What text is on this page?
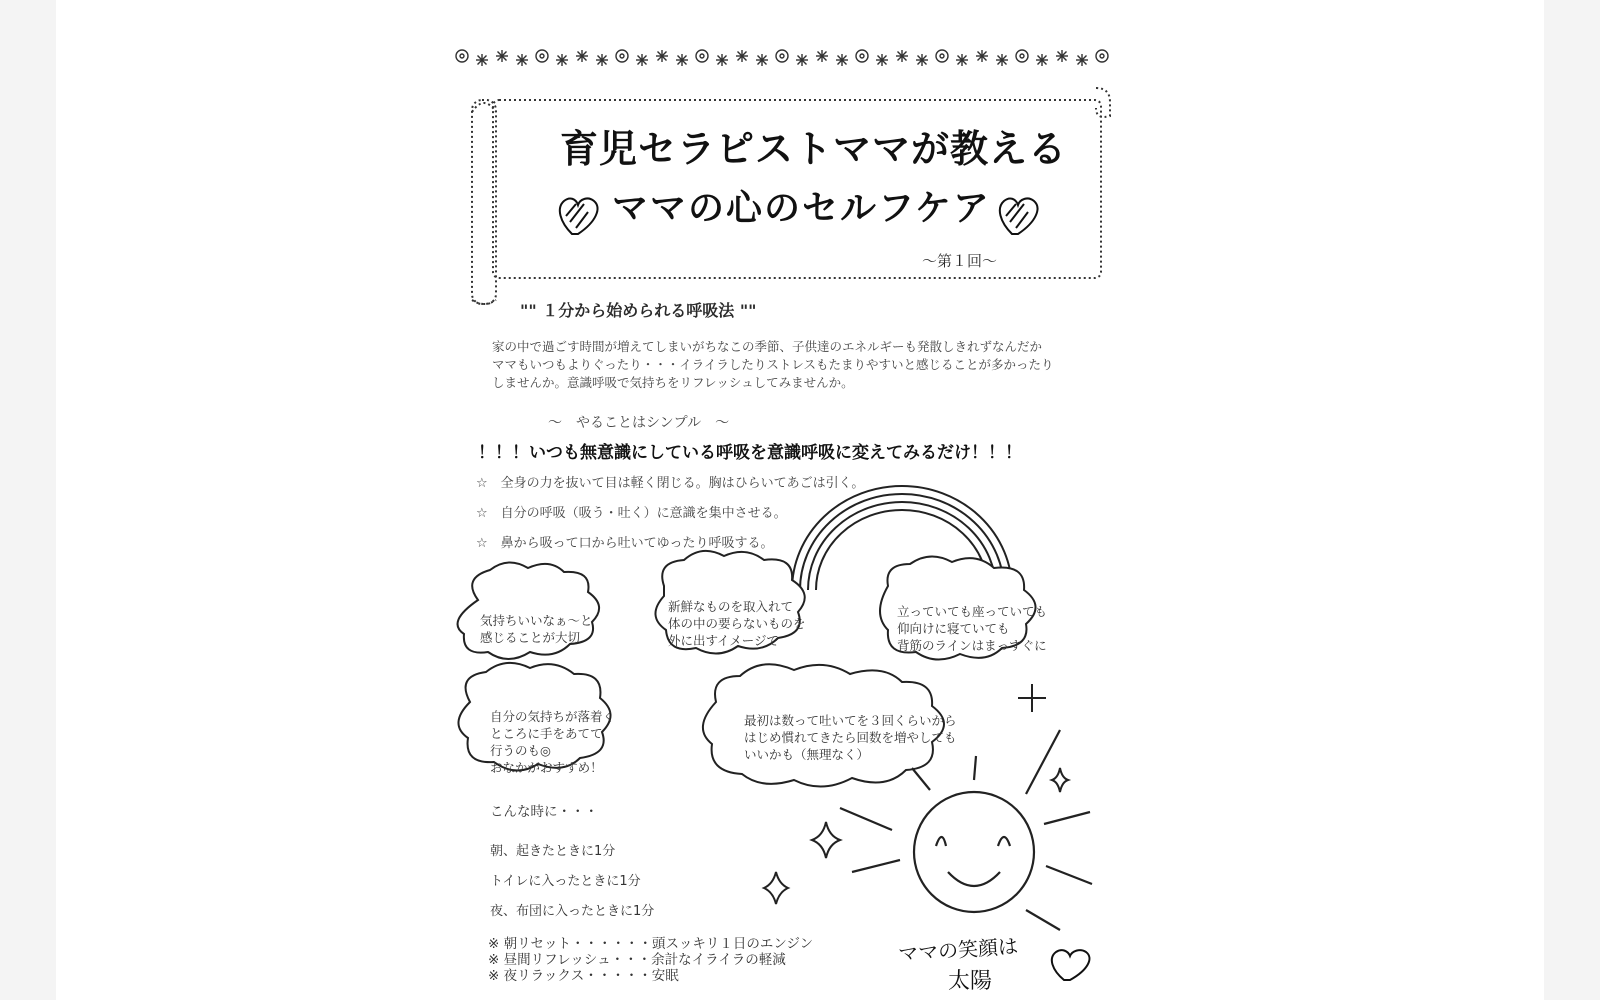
育児セラピストママが教える
ママの心のセルフケア
～第１回～
"" １分から始められる呼吸法 ""
家の中で過ごす時間が増えてしまいがちなこの季節、子供達のエネルギーも発散しきれずなんだか
ママもいつもよりぐったり・・・イライラしたりストレスもたまりやすいと感じることが多かったり
しませんか。意識呼吸で気持ちをリフレッシュしてみませんか。
～　やることはシンプル　～
！！！いつも無意識にしている呼吸を意識呼吸に変えてみるだけ！！！
☆　全身の力を抜いて目は軽く閉じる。胸はひらいてあごは引く。
☆　自分の呼吸（吸う・吐く）に意識を集中させる。
☆　鼻から吸って口から吐いてゆったり呼吸する。
気持ちいいなぁ～と
感じることが大切
新鮮なものを取入れて
体の中の要らないものを
外に出すイメージで
立っていても座っていても
仰向けに寝ていても
背筋のラインはまっすぐに
自分の気持ちが落着く
ところに手をあてて
行うのも◎
おなかがおすすめ！
最初は数って吐いてを３回くらいから
はじめ慣れてきたら回数を増やしても
いいかも（無理なく）
こんな時に・・・
朝、起きたときに1分
トイレに入ったときに1分
夜、布団に入ったときに1分
※ 朝リセット・・・・・・頭スッキリ１日のエンジン
※ 昼間リフレッシュ・・・余計なイライラの軽減
※ 夜リラックス・・・・・安眠
ママの笑顔は
太陽
